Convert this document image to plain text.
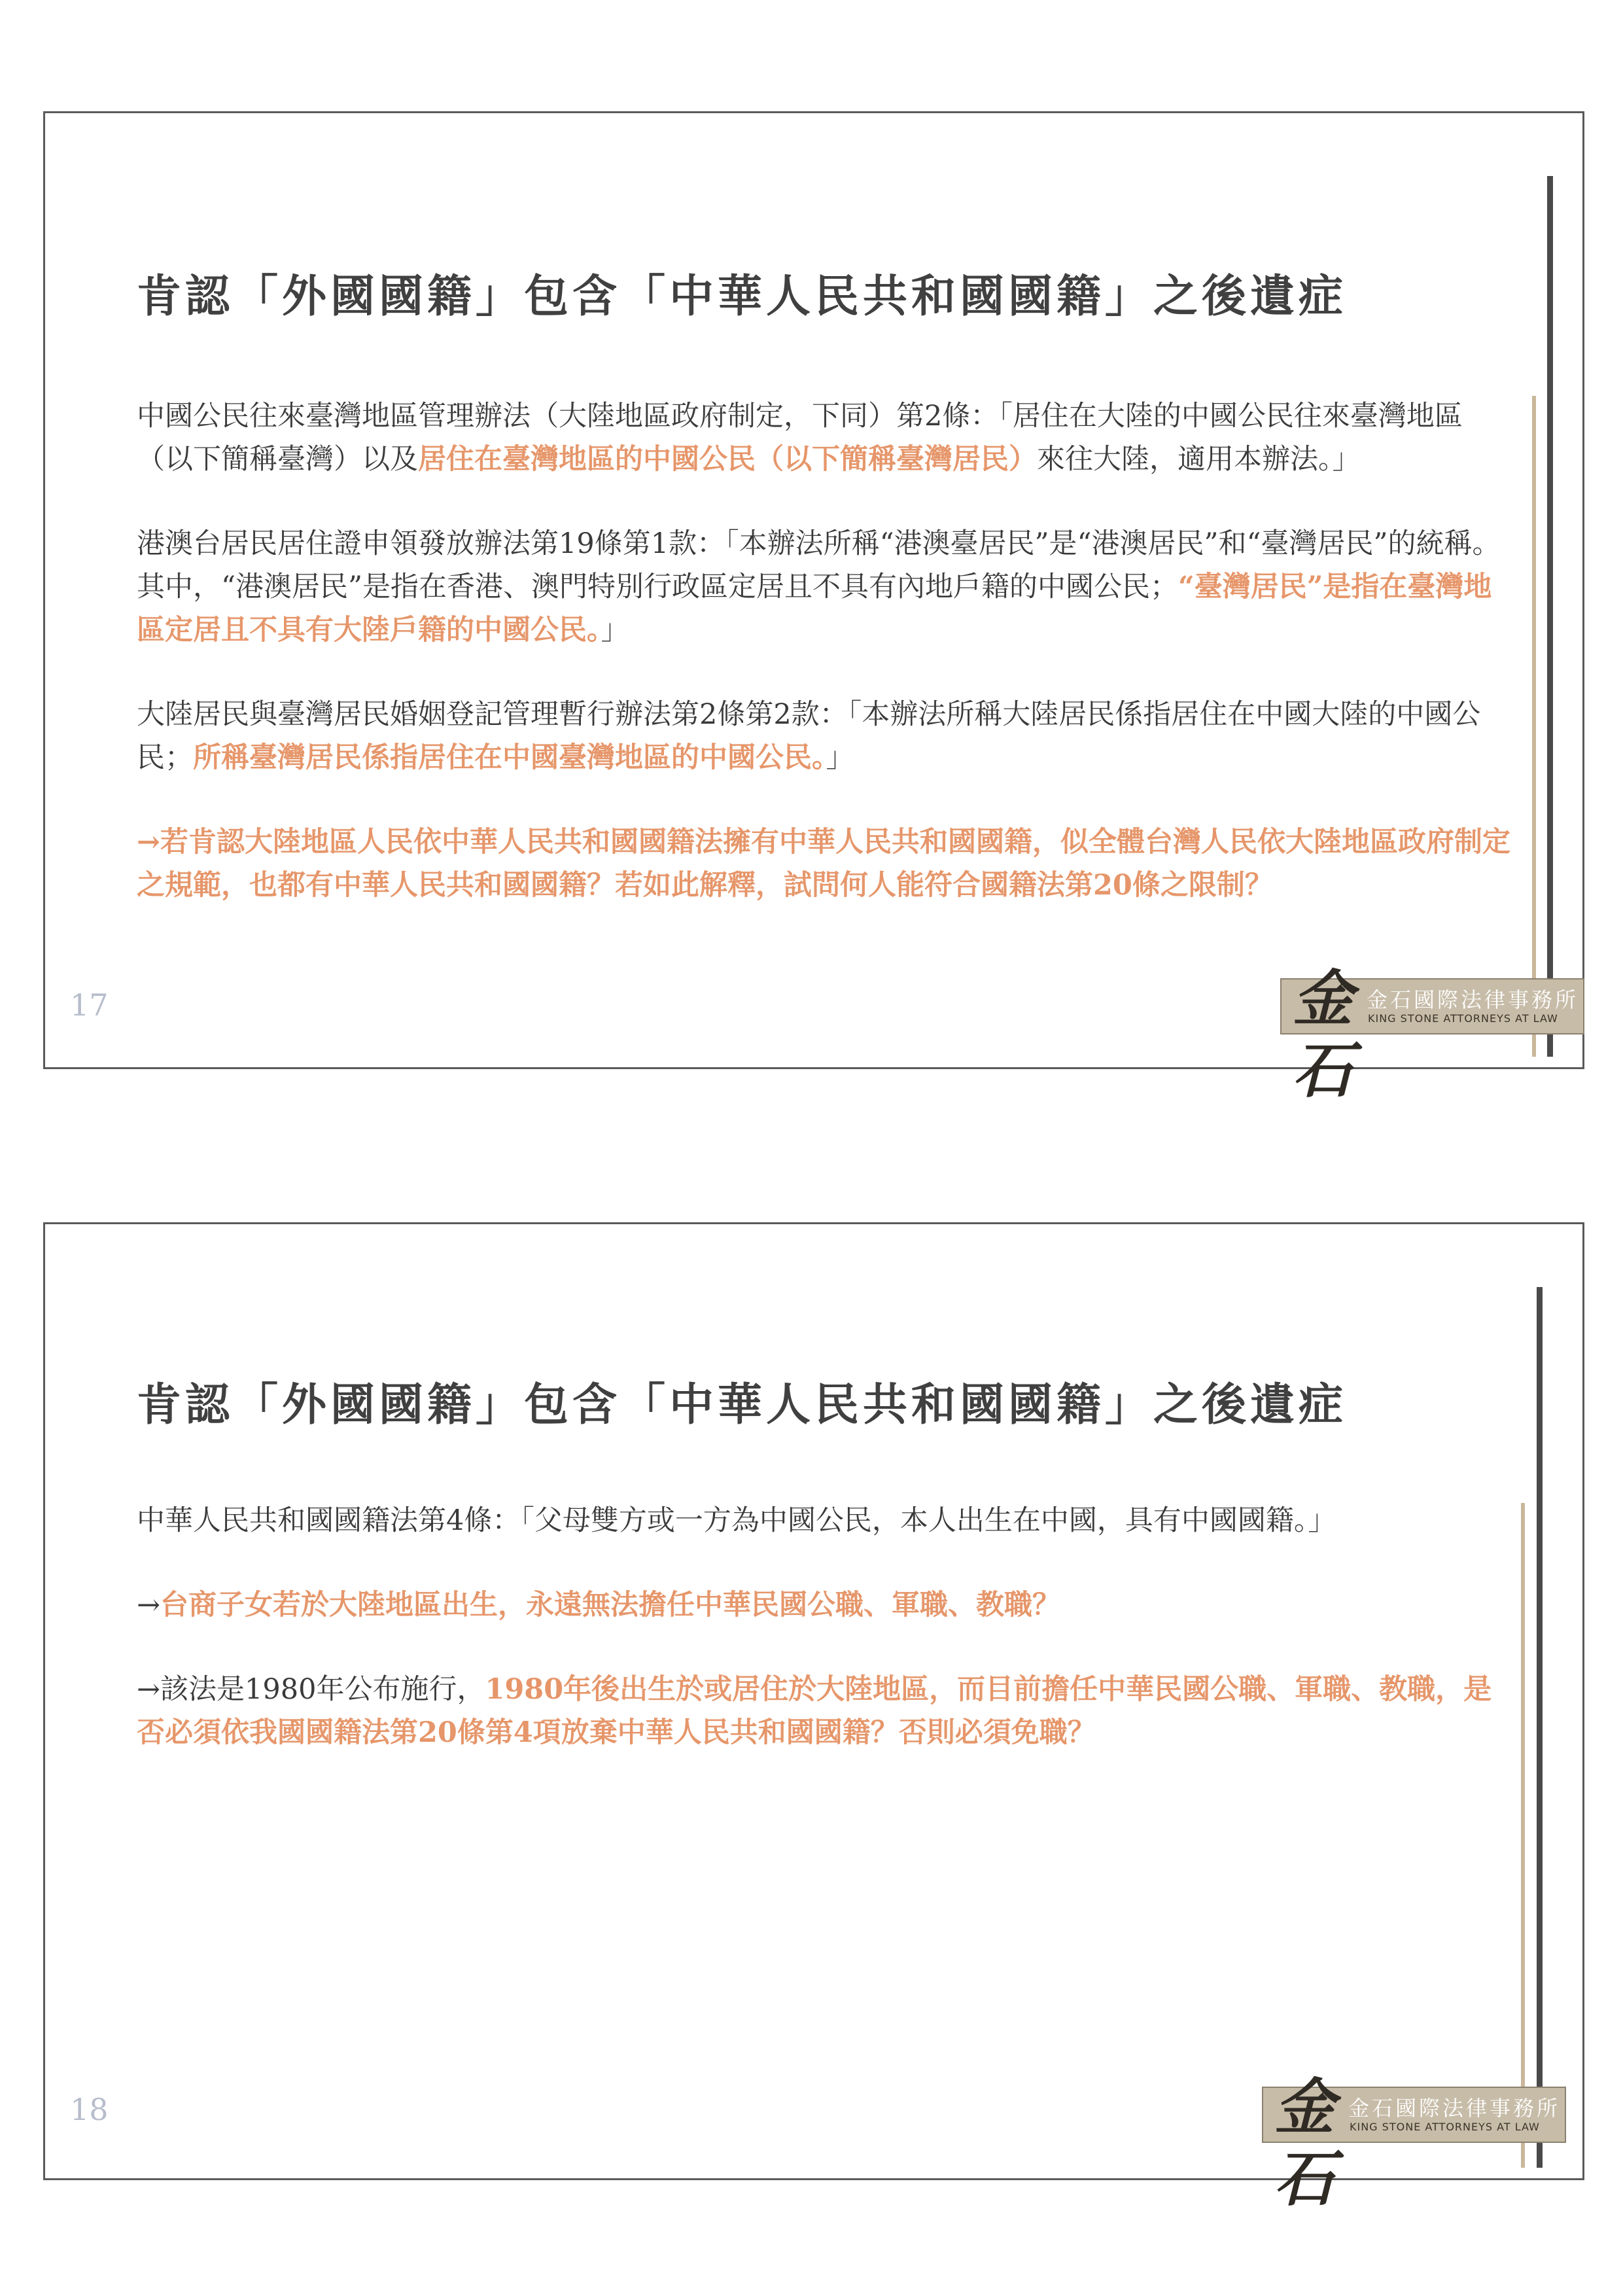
肯認「外國國籍」包含「中華人民共和國國籍」之後遺症

中國公民往來臺灣地區管理辦法（大陸地區政府制定，下同）第2條：「居住在大陸的中國公民往來臺灣地區（以下簡稱臺灣）以及居住在臺灣地區的中國公民（以下簡稱臺灣居民）來往大陸，適用本辦法。」

港澳台居民居住證申領發放辦法第19條第1款：「本辦法所稱“港澳臺居民”是“港澳居民”和“臺灣居民”的統稱。其中，“港澳居民”是指在香港、澳門特別行政區定居且不具有內地戶籍的中國公民；“臺灣居民”是指在臺灣地區定居且不具有大陸戶籍的中國公民。」

大陸居民與臺灣居民婚姻登記管理暫行辦法第2條第2款：「本辦法所稱大陸居民係指居住在中國大陸的中國公民；所稱臺灣居民係指居住在中國臺灣地區的中國公民。」

→若肯認大陸地區人民依中華人民共和國國籍法擁有中華人民共和國國籍，似全體台灣人民依大陸地區政府制定之規範，也都有中華人民共和國國籍？若如此解釋，試問何人能符合國籍法第20條之限制？

17	金石
金石國際法律事務所
KING STONE ATTORNEYS AT LAW
肯認「外國國籍」包含「中華人民共和國國籍」之後遺症

中華人民共和國國籍法第4條：「父母雙方或一方為中國公民，本人出生在中國，具有中國國籍。」

→台商子女若於大陸地區出生，永遠無法擔任中華民國公職、軍職、教職？

→該法是1980年公布施行，1980年後出生於或居住於大陸地區，而目前擔任中華民國公職、軍職、教職，是否必須依我國國籍法第20條第4項放棄中華人民共和國國籍？否則必須免職？

18	金石
金石國際法律事務所
KING STONE ATTORNEYS AT LAW
